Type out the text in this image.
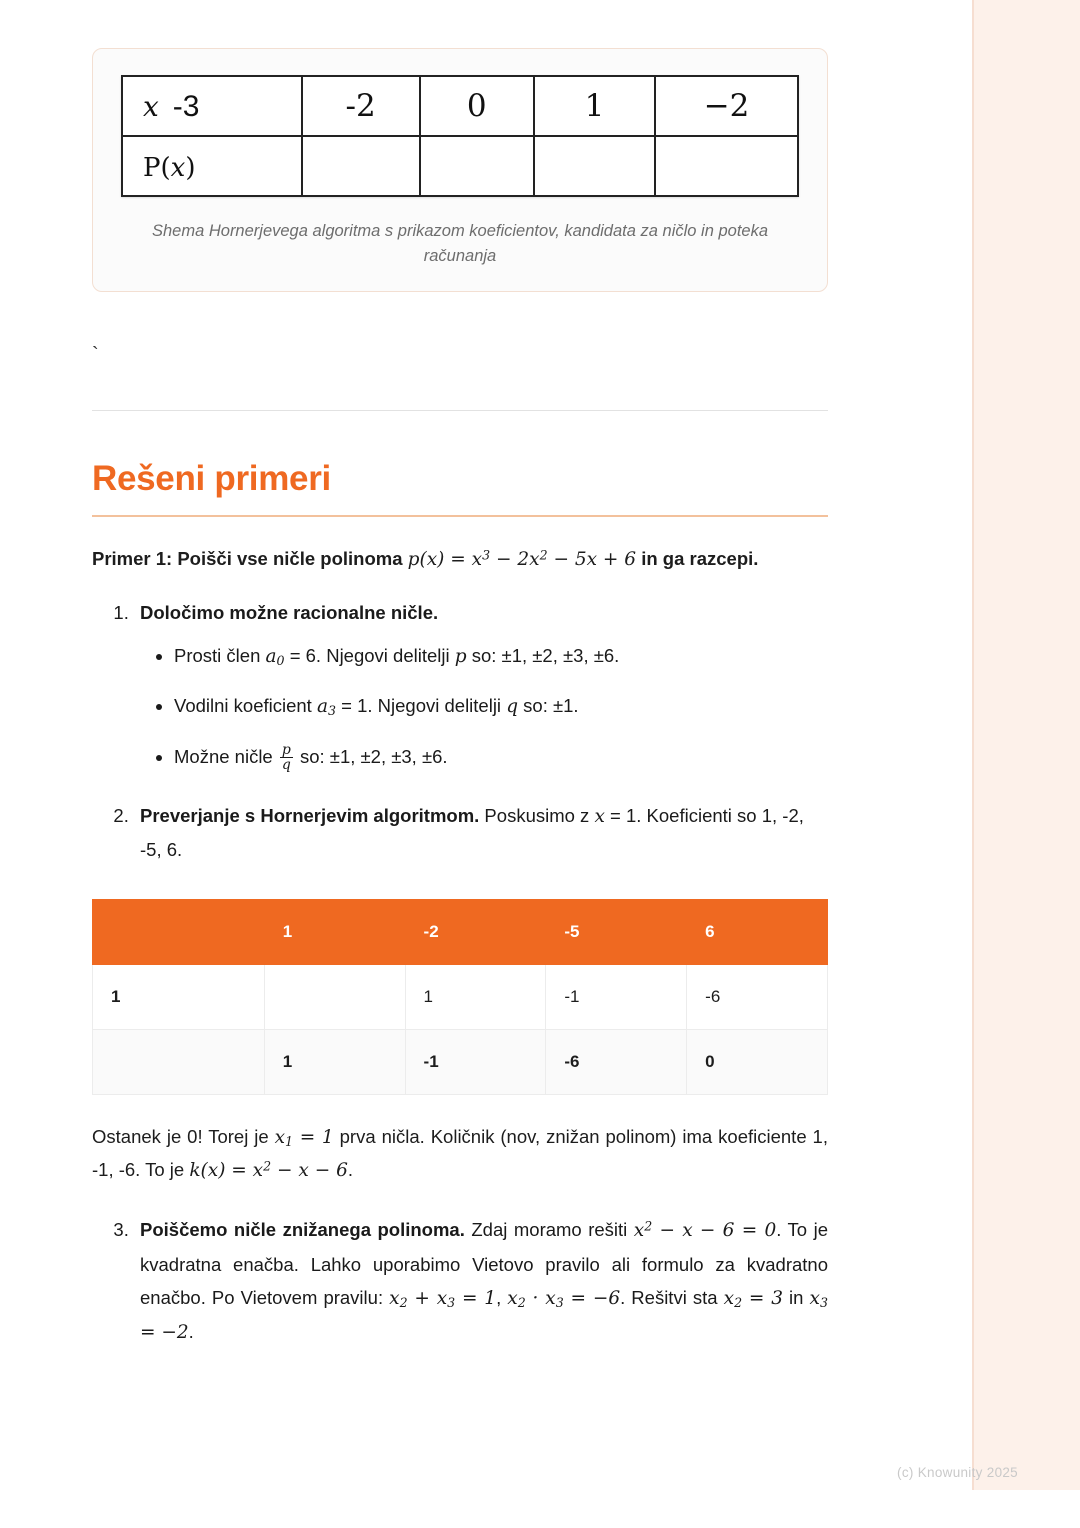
x -3	-2	0	1	−2
P(x)				
Shema Hornerjevega algoritma s prikazom koeficientov, kandidata za ničlo in poteka računanja
`
Rešeni primeri
Primer 1: Poišči vse ničle polinoma $p(x) = x^3 - 2x^2 - 5x + 6$ in ga razcepi.
1. Določimo možne racionalne ničle.
• Prosti člen $a_0 = 6$. Njegovi delitelji p so: ±1, ±2, ±3, ±6.
• Vodilni koeficient $a_3 = 1$. Njegovi delitelji q so: ±1.
• Možne ničle $\frac{p}{q}$ so: ±1, ±2, ±3, ±6.
2. Preverjanje s Hornerjevim algoritmom. Poskusimo z x = 1. Koeficienti so 1, -2, -5, 6.
	1	-2	-5	6
1		1	-1	-6
	1	-1	-6	0
Ostanek je 0! Torej je $x_1 = 1$ prva ničla. Količnik (nov, znižan polinom) ima koeficiente 1, -1, -6. To je $k(x) = x^2 - x - 6$.
3. Poiščemo ničle znižanega polinoma. Zdaj moramo rešiti $x^2 - x - 6 = 0$. To je kvadratna enačba. Lahko uporabimo Vietovo pravilo ali formulo za kvadratno enačbo. Po Vietovem pravilu: $x_2 + x_3 = 1$, $x_2 \cdot x_3 = -6$. Rešitvi sta $x_2 = 3$ in $x_3 = -2$.
(c) Knowunity 2025
